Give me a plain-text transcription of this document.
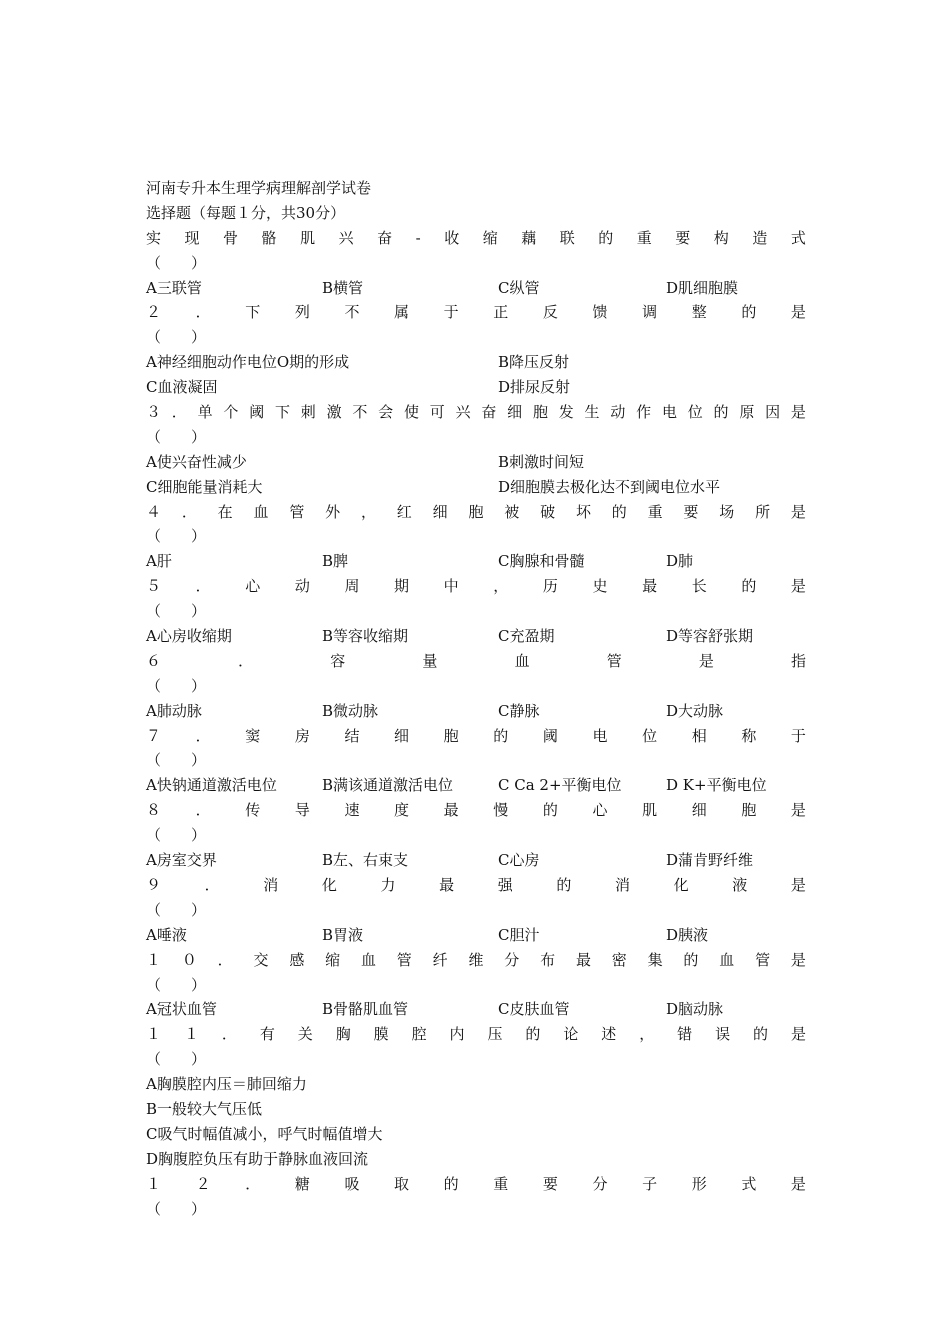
河南专升本生理学病理解剖学试卷
选择题（每题１分，共30分）
实 现 骨 骼 肌 兴 奋 - 收 缩 藕 联 的 重 要 构 造 式
（　　）
A三联管	B横管	C纵管	D肌细胞膜
２ ． 下 列 不 属 于 正 反 馈 调 整 的 是
（　　）
A神经细胞动作电位O期的形成	B降压反射
C血液凝固	D排尿反射
３ ． 单 个 阈 下 刺 激 不 会 使 可 兴 奋 细 胞 发 生 动 作 电 位 的 原 因 是
（　　）
A使兴奋性减少	B刺激时间短
C细胞能量消耗大	D细胞膜去极化达不到阈电位水平
４ ． 在 血 管 外 ， 红 细 胞 被 破 坏 的 重 要 场 所 是
（　　）
A肝	B脾	C胸腺和骨髓	D肺
５ ． 心 动 周 期 中 ， 历 史 最 长 的 是
（　　）
A心房收缩期	B等容收缩期	C充盈期	D等容舒张期
６	．	容	量	血	管	是	指
（　　）
A肺动脉	B微动脉	C静脉	D大动脉
７ ． 窦 房 结 细 胞 的 阈 电 位 相 称 于
（　　）
A快钠通道激活电位	B满该通道激活电位	C Ca 2+平衡电位	D K+平衡电位
８ ． 传 导 速 度 最 慢 的 心 肌 细 胞 是
（　　）
A房室交界	B左、右束支	C心房	D蒲肯野纤维
９	．	消	化	力	最	强	的	消	化	液	是
（　　）
A唾液	B胃液	C胆汁	D胰液
１ ０ ． 交 感 缩 血 管 纤 维 分 布 最 密 集 的 血 管 是
（　　）
A冠状血管	B骨骼肌血管	C皮肤血管	D脑动脉
１ １ ． 有 关 胸 膜 腔 内 压 的 论 述 ， 错 误 的 是
（　　）
A胸膜腔内压＝肺回缩力
B一般较大气压低
C吸气时幅值减小，呼气时幅值增大
D胸腹腔负压有助于静脉血液回流
１ ２ ． 糖 吸 取 的 重 要 分 子 形 式 是
（　　）
